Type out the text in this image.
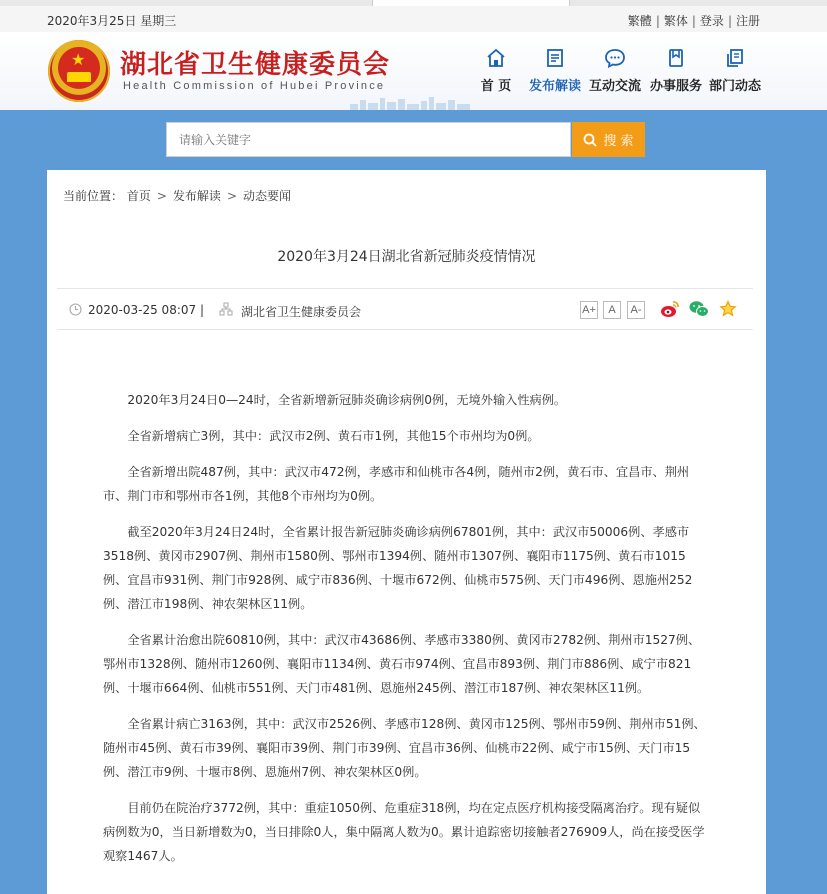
2020年3月25日 星期三	繁體 | 繁体 | 登录 | 注册
★ 湖北省卫生健康委员会
Health Commission of Hubei Province	首 页	发布解读 互动交流 办事服务 部门动态
请输入关键字
搜 索
当前位置： 首页 > 发布解读 > 动态要闻
2020年3月24日湖北省新冠肺炎疫情情况
2020-03-25 08:07 |	湖北省卫生健康委员会	A+	A	A-

2020年3月24日0—24时，全省新增新冠肺炎确诊病例0例，无境外输入性病例。

全省新增病亡3例，其中：武汉市2例、黄石市1例，其他15个市州均为0例。

全省新增出院487例，其中：武汉市472例，孝感市和仙桃市各4例，随州市2例，黄石市、宜昌市、荆州市、荆门市和鄂州市各1例，其他8个市州均为0例。

截至2020年3月24日24时，全省累计报告新冠肺炎确诊病例67801例，其中：武汉市50006例、孝感市3518例、黄冈市2907例、荆州市1580例、鄂州市1394例、随州市1307例、襄阳市1175例、黄石市1015例、宜昌市931例、荆门市928例、咸宁市836例、十堰市672例、仙桃市575例、天门市496例、恩施州252例、潜江市198例、神农架林区11例。

全省累计治愈出院60810例，其中：武汉市43686例、孝感市3380例、黄冈市2782例、荆州市1527例、鄂州市1328例、随州市1260例、襄阳市1134例、黄石市974例、宜昌市893例、荆门市886例、咸宁市821例、十堰市664例、仙桃市551例、天门市481例、恩施州245例、潜江市187例、神农架林区11例。

全省累计病亡3163例，其中：武汉市2526例、孝感市128例、黄冈市125例、鄂州市59例、荆州市51例、随州市45例、黄石市39例、襄阳市39例、荆门市39例、宜昌市36例、仙桃市22例、咸宁市15例、天门市15例、潜江市9例、十堰市8例、恩施州7例、神农架林区0例。

目前仍在院治疗3772例，其中：重症1050例、危重症318例，均在定点医疗机构接受隔离治疗。现有疑似病例数为0，当日新增数为0，当日排除0人，集中隔离人数为0。累计追踪密切接触者276909人，尚在接受医学观察1467人。
